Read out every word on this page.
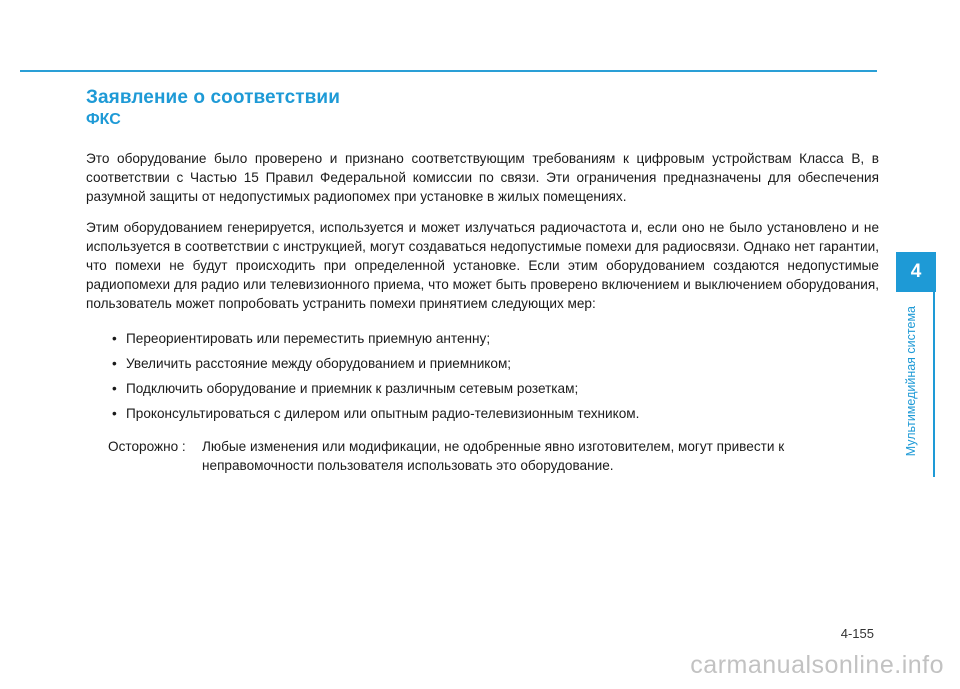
Заявление о соответствии
ФКС

Это оборудование было проверено и признано соответствующим требованиям к цифровым устройствам Класса B, в соответствии с Частью 15 Правил Федеральной комиссии по связи. Эти ограничения предназначены для обеспечения разумной защиты от недопустимых радиопомех при установке в жилых помещениях.

Этим оборудованием генерируется, используется и может излучаться радиочастота и, если оно не было установлено и не используется в соответствии с инструкцией, могут создаваться недопустимые помехи для радиосвязи. Однако нет гарантии, что помехи не будут происходить при определенной установке. Если этим оборудованием создаются недопустимые радиопомехи для радио или телевизионного приема, что может быть проверено включением и выключением оборудования, пользователь может попробовать устранить помехи принятием следующих мер:

• Переориентировать или переместить приемную антенну;
• Увеличить расстояние между оборудованием и приемником;
• Подключить оборудование и приемник к различным сетевым розеткам;
• Проконсультироваться с дилером или опытным радио-телевизионным техником.
Осторожно :	Любые изменения или модификации, не одобренные явно изготовителем, могут привести к неправомочности пользователя использовать это оборудование.
4
Мультимедийная система
4-155
carmanualsonline.info
